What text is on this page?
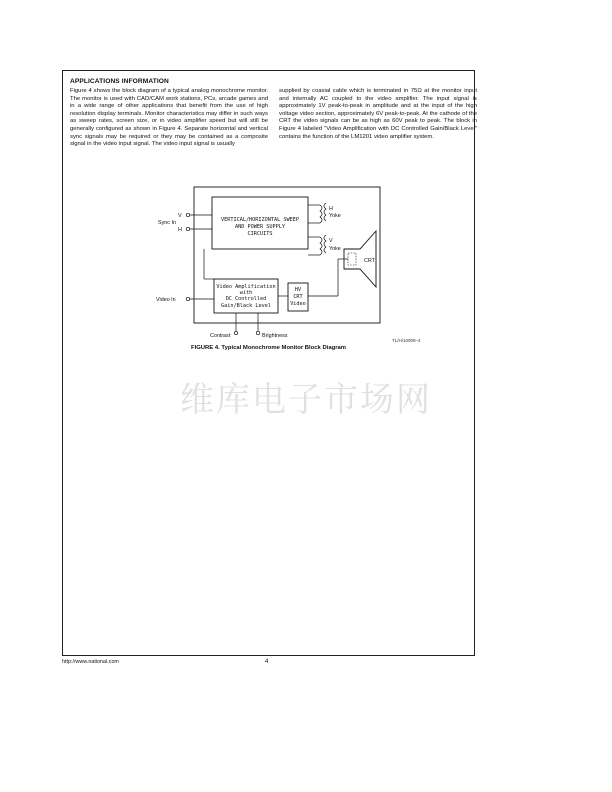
APPLICATIONS INFORMATION

Figure 4 shows the block diagram of a typical analog monochrome monitor. The monitor is used with CAD/CAM work stations, PCs, arcade games and in a wide range of other applications that benefit from the use of high resolution display terminals. Monitor characteristics may differ in such ways as sweep rates, screen size, or in video amplifier speed but will still be generally configured as shown in Figure 4. Separate horizontal and vertical sync signals may be required or they may be contained as a composite signal in the video input signal. The video input signal is usually

supplied by coaxial cable which is terminated in 75Ω at the monitor input and internally AC coupled to the video amplifier. The input signal is approximately 1V peak-to-peak in amplitude and at the input of the high voltage video section, approximately 6V peak-to-peak. At the cathode of the CRT the video signals can be as high as 60V peak to peak. The block in Figure 4 labeled "Video Amplification with DC Controlled Gain/Black Level" contains the function of the LM1201 video amplifier system.

Sync In
V
H
VERTICAL/HORIZONTAL SWEEP
AND POWER SUPPLY
CIRCUITS
H
Yoke
V
Yoke
CRT
Video In
Video Amplification
with
DC Controlled
Gain/Black Level
HV
CRT
Video
Contrast	Brightness
TL/H/10009–4
FIGURE 4. Typical Monochrome Monitor Block Diagram
维库电子市场网
http://www.national.com	4
